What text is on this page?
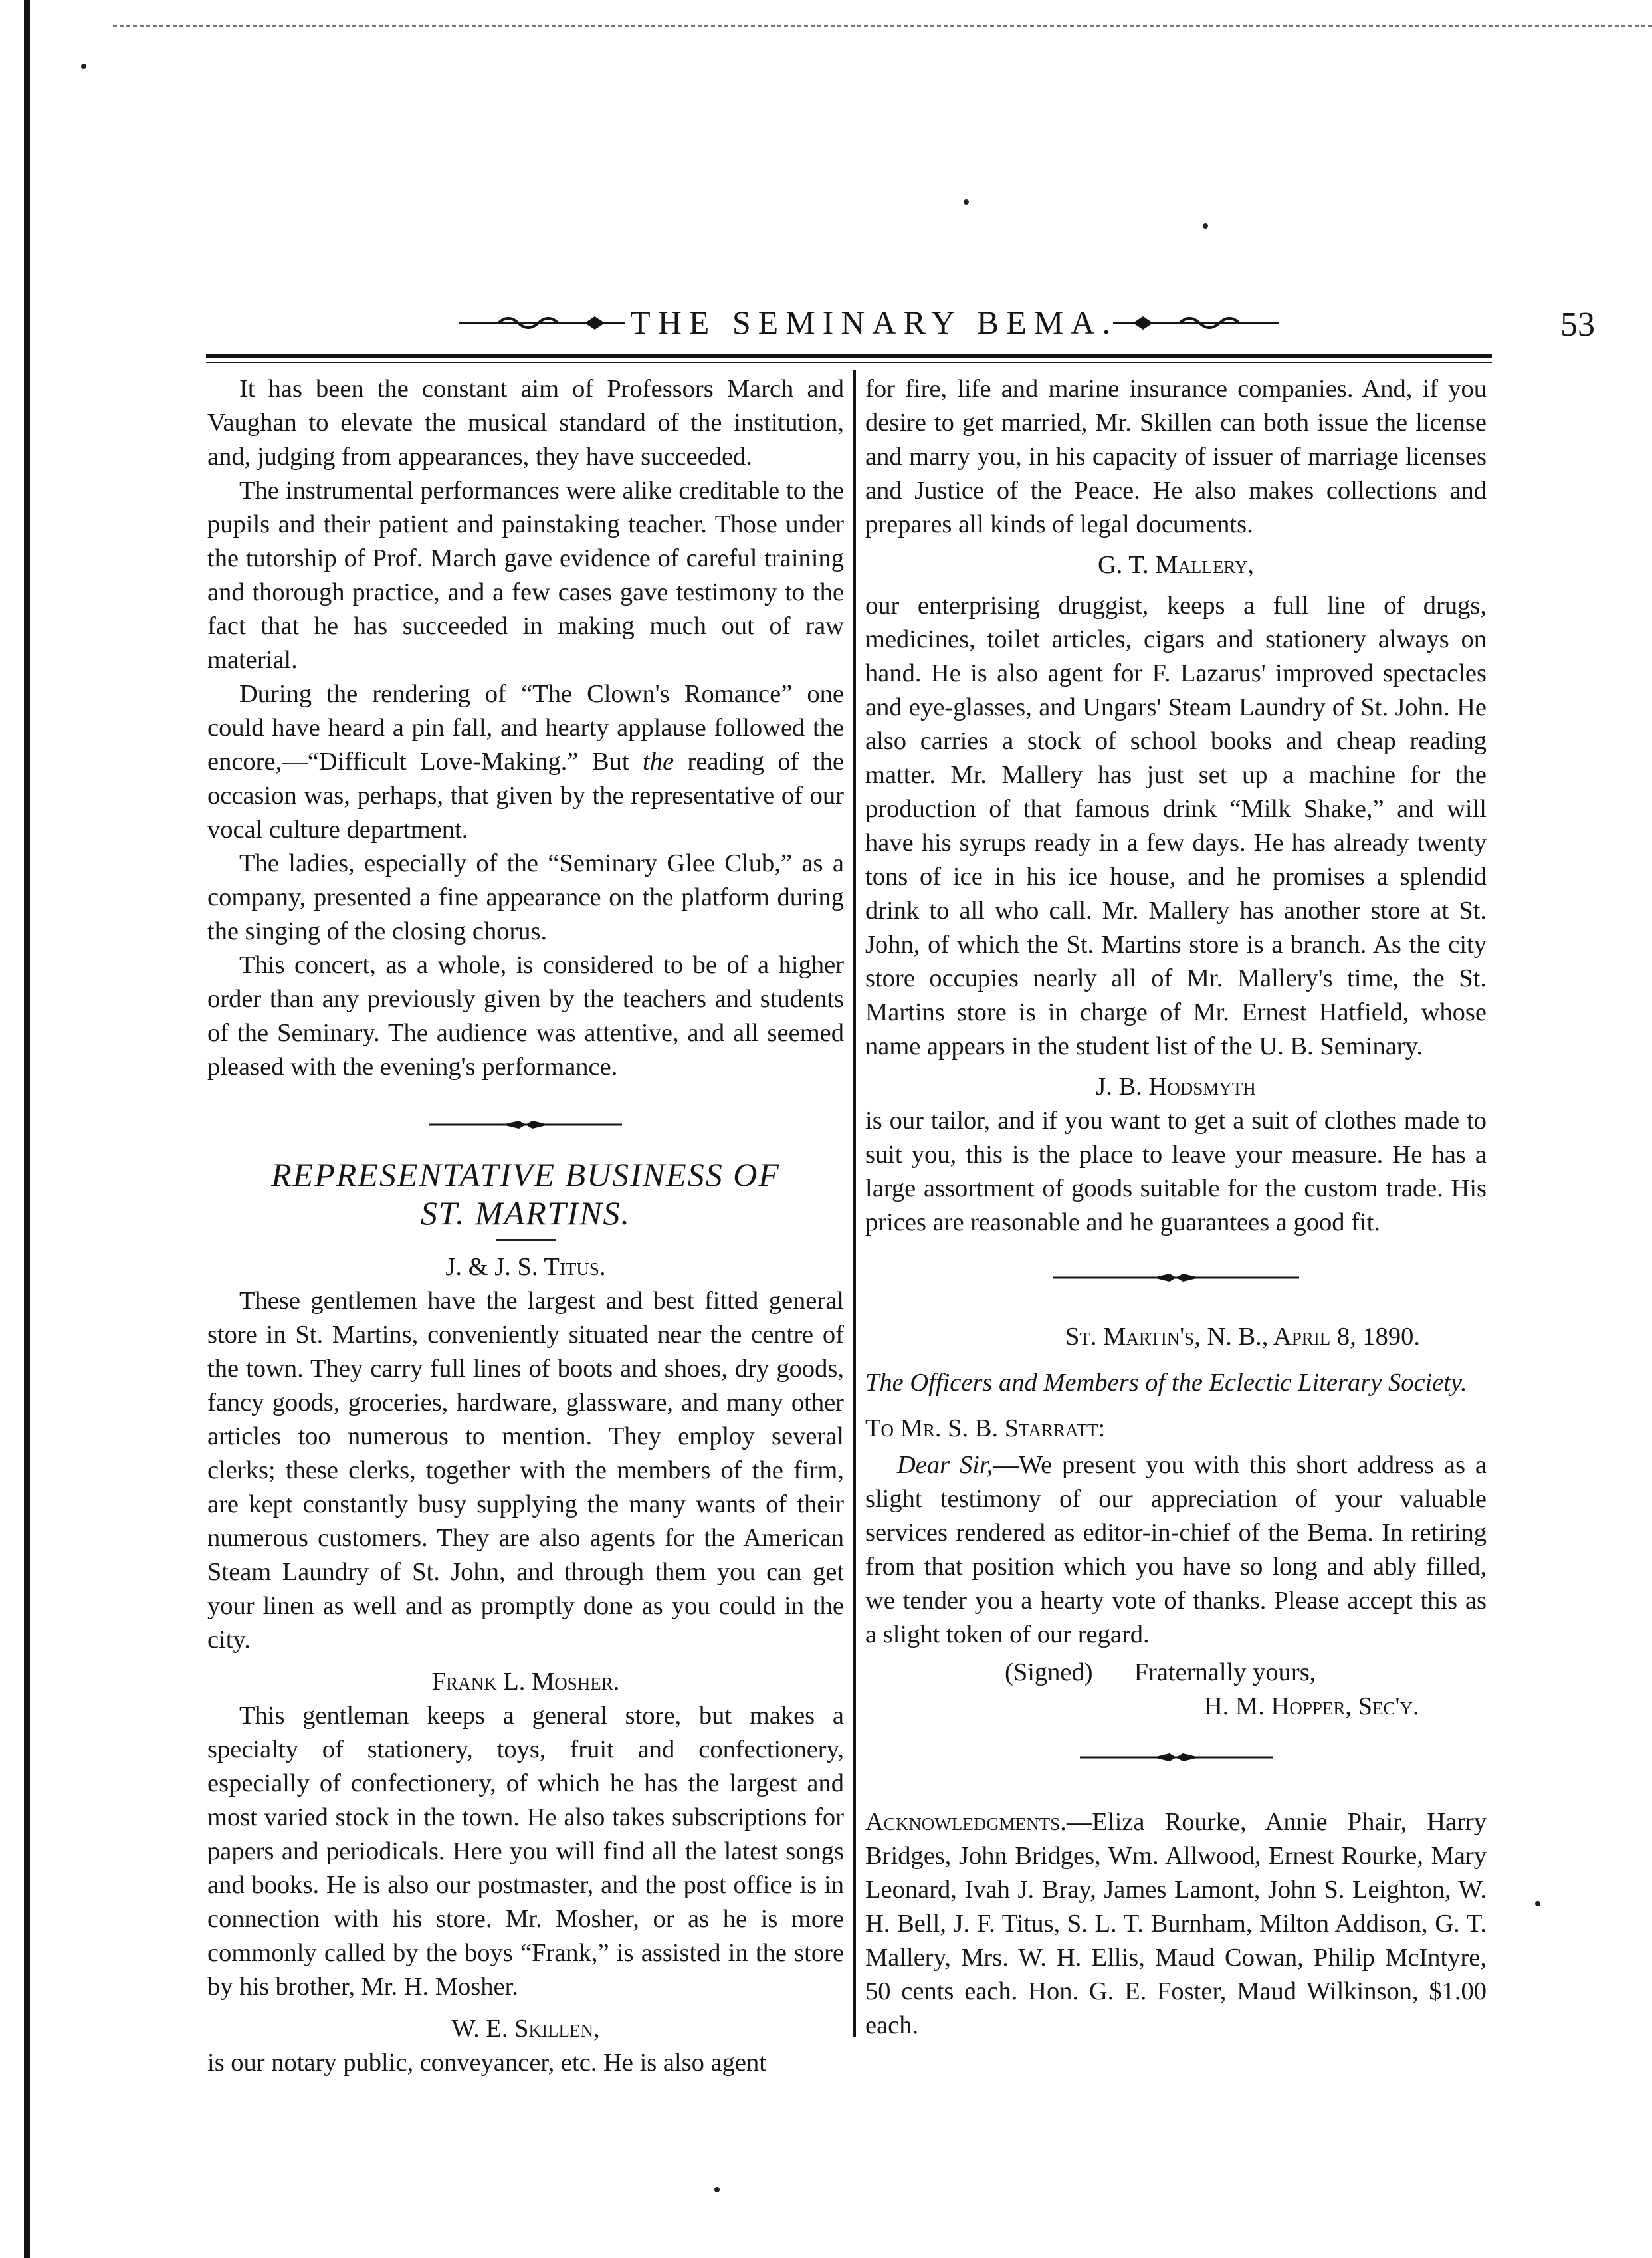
THE SEMINARY BEMA.	53

It has been the constant aim of Professors March and Vaughan to elevate the musical standard of the institution, and, judging from appearances, they have succeeded.

The instrumental performances were alike creditable to the pupils and their patient and painstaking teacher. Those under the tutorship of Prof. March gave evidence of careful training and thorough practice, and a few cases gave testimony to the fact that he has succeeded in making much out of raw material.

During the rendering of “The Clown's Romance” one could have heard a pin fall, and hearty applause followed the encore,—“Difficult Love-Making.” But the reading of the occasion was, perhaps, that given by the representative of our vocal culture department.

The ladies, especially of the “Seminary Glee Club,” as a company, presented a fine appearance on the platform during the singing of the closing chorus.

This concert, as a whole, is considered to be of a higher order than any previously given by the teachers and students of the Seminary. The audience was attentive, and all seemed pleased with the evening's performance.

REPRESENTATIVE BUSINESS OF

ST. MARTINS.

J. & J. S. Titus.

These gentlemen have the largest and best fitted general store in St. Martins, conveniently situated near the centre of the town. They carry full lines of boots and shoes, dry goods, fancy goods, groceries, hardware, glassware, and many other articles too numerous to mention. They employ several clerks; these clerks, together with the members of the firm, are kept constantly busy supplying the many wants of their numerous customers. They are also agents for the American Steam Laundry of St. John, and through them you can get your linen as well and as promptly done as you could in the city.

Frank L. Mosher.

This gentleman keeps a general store, but makes a specialty of stationery, toys, fruit and confectionery, especially of confectionery, of which he has the largest and most varied stock in the town. He also takes subscriptions for papers and periodicals. Here you will find all the latest songs and books. He is also our postmaster, and the post office is in connection with his store. Mr. Mosher, or as he is more commonly called by the boys “Frank,” is assisted in the store by his brother, Mr. H. Mosher.

W. E. Skillen,

is our notary public, conveyancer, etc. He is also agent

for fire, life and marine insurance companies. And, if you desire to get married, Mr. Skillen can both issue the license and marry you, in his capacity of issuer of marriage licenses and Justice of the Peace. He also makes collections and prepares all kinds of legal documents.

G. T. Mallery,

our enterprising druggist, keeps a full line of drugs, medicines, toilet articles, cigars and stationery always on hand. He is also agent for F. Lazarus' improved spectacles and eye-glasses, and Ungars' Steam Laundry of St. John. He also carries a stock of school books and cheap reading matter. Mr. Mallery has just set up a machine for the production of that famous drink “Milk Shake,” and will have his syrups ready in a few days. He has already twenty tons of ice in his ice house, and he promises a splendid drink to all who call. Mr. Mallery has another store at St. John, of which the St. Martins store is a branch. As the city store occupies nearly all of Mr. Mallery's time, the St. Martins store is in charge of Mr. Ernest Hatfield, whose name appears in the student list of the U. B. Seminary.

J. B. Hodsmyth

is our tailor, and if you want to get a suit of clothes made to suit you, this is the place to leave your measure. He has a large assortment of goods suitable for the custom trade. His prices are reasonable and he guarantees a good fit.

St. Martin's, N. B., April 8, 1890.

The Officers and Members of the Eclectic Literary Society.

To Mr. S. B. Starratt:

Dear Sir,—We present you with this short address as a slight testimony of our appreciation of your valuable services rendered as editor-in-chief of the Bema. In retiring from that position which you have so long and ably filled, we tender you a hearty vote of thanks. Please accept this as a slight token of our regard.

(Signed) Fraternally yours,

H. M. Hopper, Sec'y.

Acknowledgments.—Eliza Rourke, Annie Phair, Harry Bridges, John Bridges, Wm. Allwood, Ernest Rourke, Mary Leonard, Ivah J. Bray, James Lamont, John S. Leighton, W. H. Bell, J. F. Titus, S. L. T. Burnham, Milton Addison, G. T. Mallery, Mrs. W. H. Ellis, Maud Cowan, Philip McIntyre, 50 cents each. Hon. G. E. Foster, Maud Wilkinson, $1.00 each.
